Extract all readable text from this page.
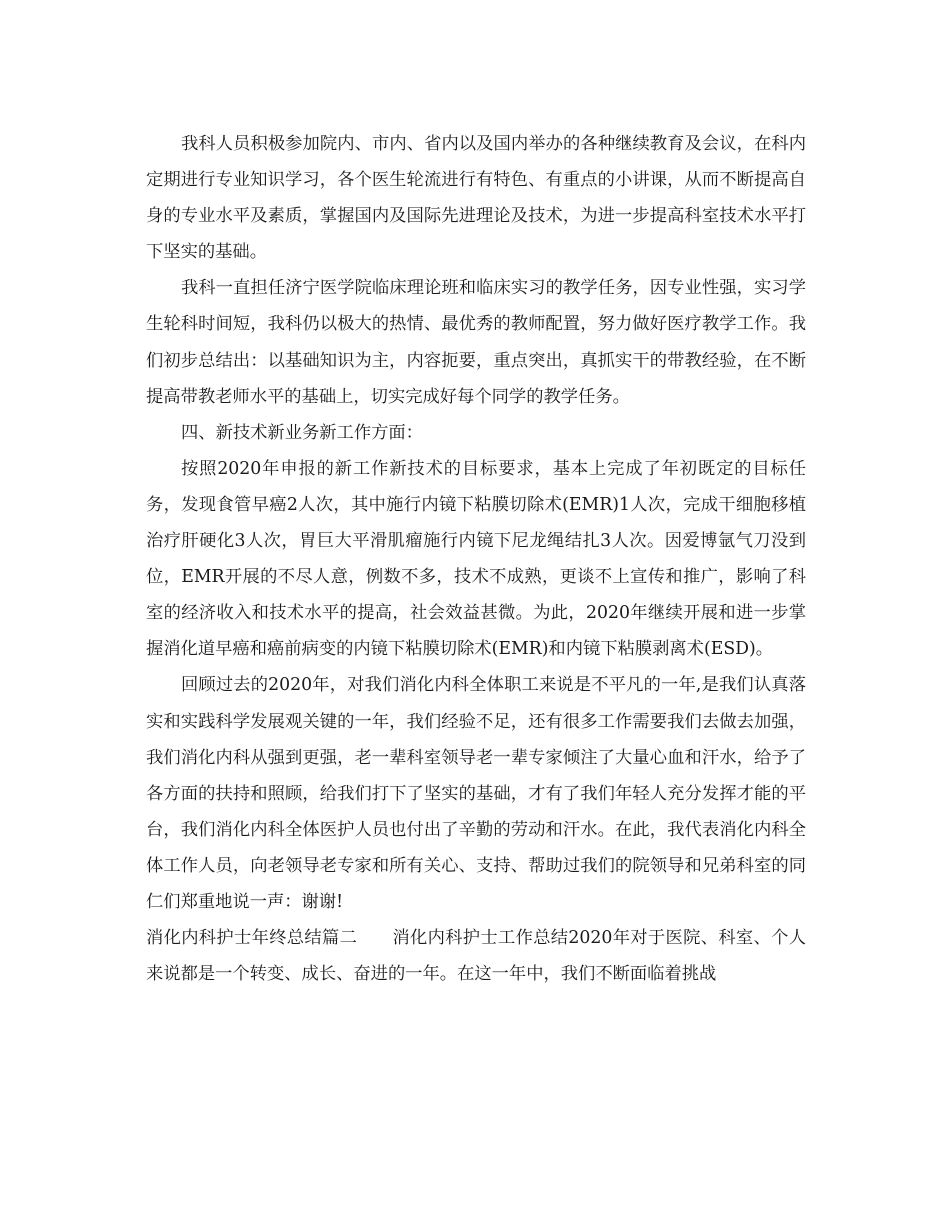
我科人员积极参加院内、市内、省内以及国内举办的各种继续教育及会议，在科内定期进行专业知识学习，各个医生轮流进行有特色、有重点的小讲课，从而不断提高自身的专业水平及素质，掌握国内及国际先进理论及技术，为进一步提高科室技术水平打下坚实的基础。

我科一直担任济宁医学院临床理论班和临床实习的教学任务，因专业性强，实习学生轮科时间短，我科仍以极大的热情、最优秀的教师配置，努力做好医疗教学工作。我们初步总结出：以基础知识为主，内容扼要，重点突出，真抓实干的带教经验，在不断提高带教老师水平的基础上，切实完成好每个同学的教学任务。

四、新技术新业务新工作方面：

按照2020年申报的新工作新技术的目标要求，基本上完成了年初既定的目标任务，发现食管早癌2人次，其中施行内镜下粘膜切除术(EMR)1人次，完成干细胞移植治疗肝硬化3人次，胃巨大平滑肌瘤施行内镜下尼龙绳结扎3人次。因爱博氩气刀没到位，EMR开展的不尽人意，例数不多，技术不成熟，更谈不上宣传和推广，影响了科室的经济收入和技术水平的提高，社会效益甚微。为此，2020年继续开展和进一步掌握消化道早癌和癌前病变的内镜下粘膜切除术(EMR)和内镜下粘膜剥离术(ESD)。

回顾过去的2020年，对我们消化内科全体职工来说是不平凡的一年,是我们认真落实和实践科学发展观关键的一年，我们经验不足，还有很多工作需要我们去做去加强，我们消化内科从强到更强，老一辈科室领导老一辈专家倾注了大量心血和汗水，给予了各方面的扶持和照顾，给我们打下了坚实的基础，才有了我们年轻人充分发挥才能的平台，我们消化内科全体医护人员也付出了辛勤的劳动和汗水。在此，我代表消化内科全体工作人员，向老领导老专家和所有关心、支持、帮助过我们的院领导和兄弟科室的同仁们郑重地说一声：谢谢!

消化内科护士年终总结篇二　　消化内科护士工作总结2020年对于医院、科室、个人来说都是一个转变、成长、奋进的一年。在这一年中，我们不断面临着挑战
